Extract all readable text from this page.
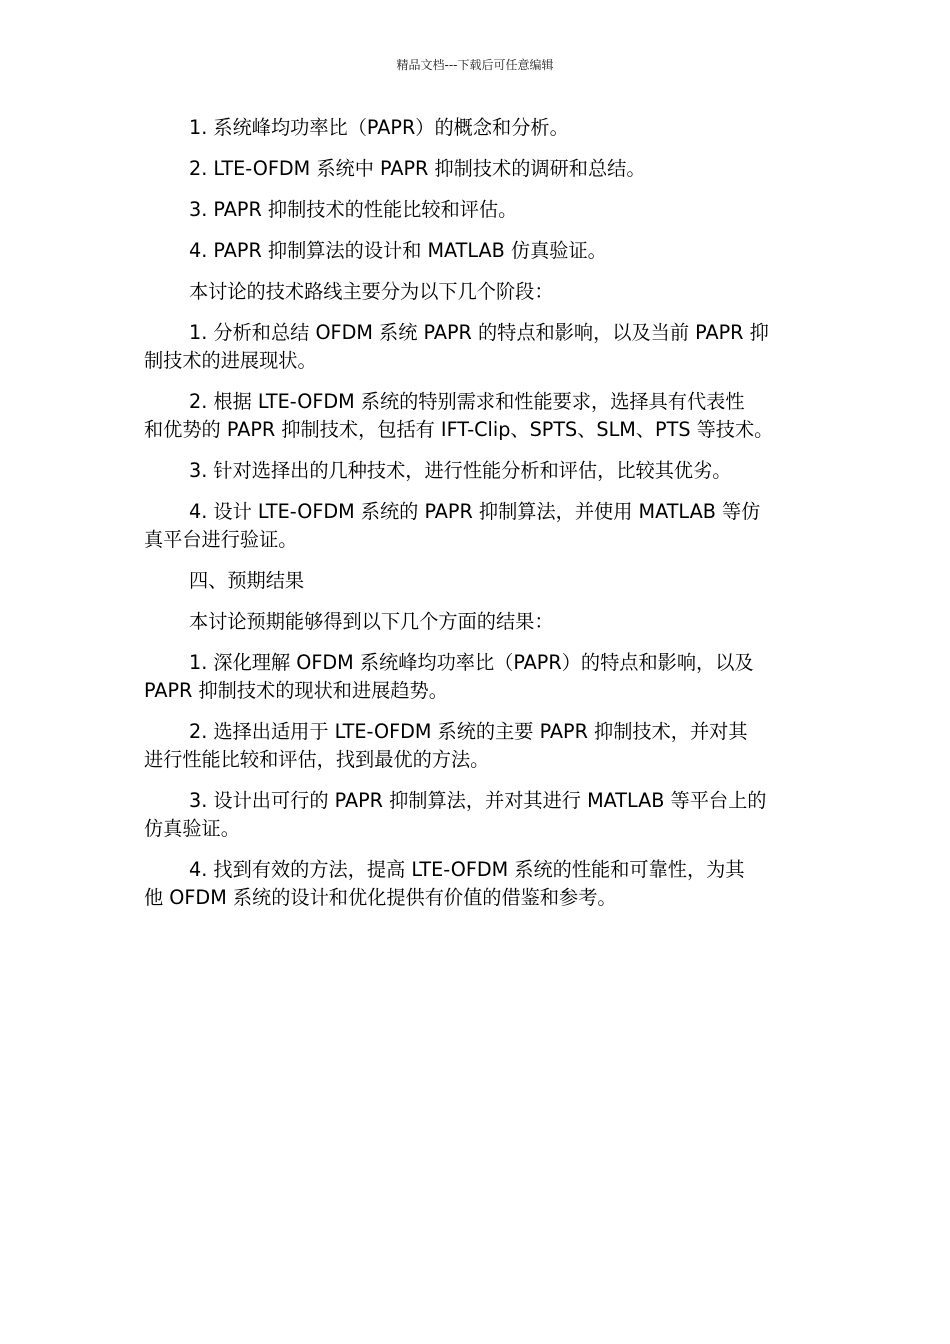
精品文档---下载后可任意编辑

1. 系统峰均功率比（PAPR）的概念和分析。

2. LTE-OFDM 系统中 PAPR 抑制技术的调研和总结。

3. PAPR 抑制技术的性能比较和评估。

4. PAPR 抑制算法的设计和 MATLAB 仿真验证。

本讨论的技术路线主要分为以下几个阶段：

1. 分析和总结 OFDM 系统 PAPR 的特点和影响，以及当前 PAPR 抑
制技术的进展现状。

2. 根据 LTE-OFDM 系统的特别需求和性能要求，选择具有代表性
和优势的 PAPR 抑制技术，包括有 IFT-Clip、SPTS、SLM、PTS 等技术。

3. 针对选择出的几种技术，进行性能分析和评估，比较其优劣。

4. 设计 LTE-OFDM 系统的 PAPR 抑制算法，并使用 MATLAB 等仿
真平台进行验证。

四、预期结果

本讨论预期能够得到以下几个方面的结果：

1. 深化理解 OFDM 系统峰均功率比（PAPR）的特点和影响，以及
PAPR 抑制技术的现状和进展趋势。

2. 选择出适用于 LTE-OFDM 系统的主要 PAPR 抑制技术，并对其
进行性能比较和评估，找到最优的方法。

3. 设计出可行的 PAPR 抑制算法，并对其进行 MATLAB 等平台上的
仿真验证。

4. 找到有效的方法，提高 LTE-OFDM 系统的性能和可靠性，为其
他 OFDM 系统的设计和优化提供有价值的借鉴和参考。
